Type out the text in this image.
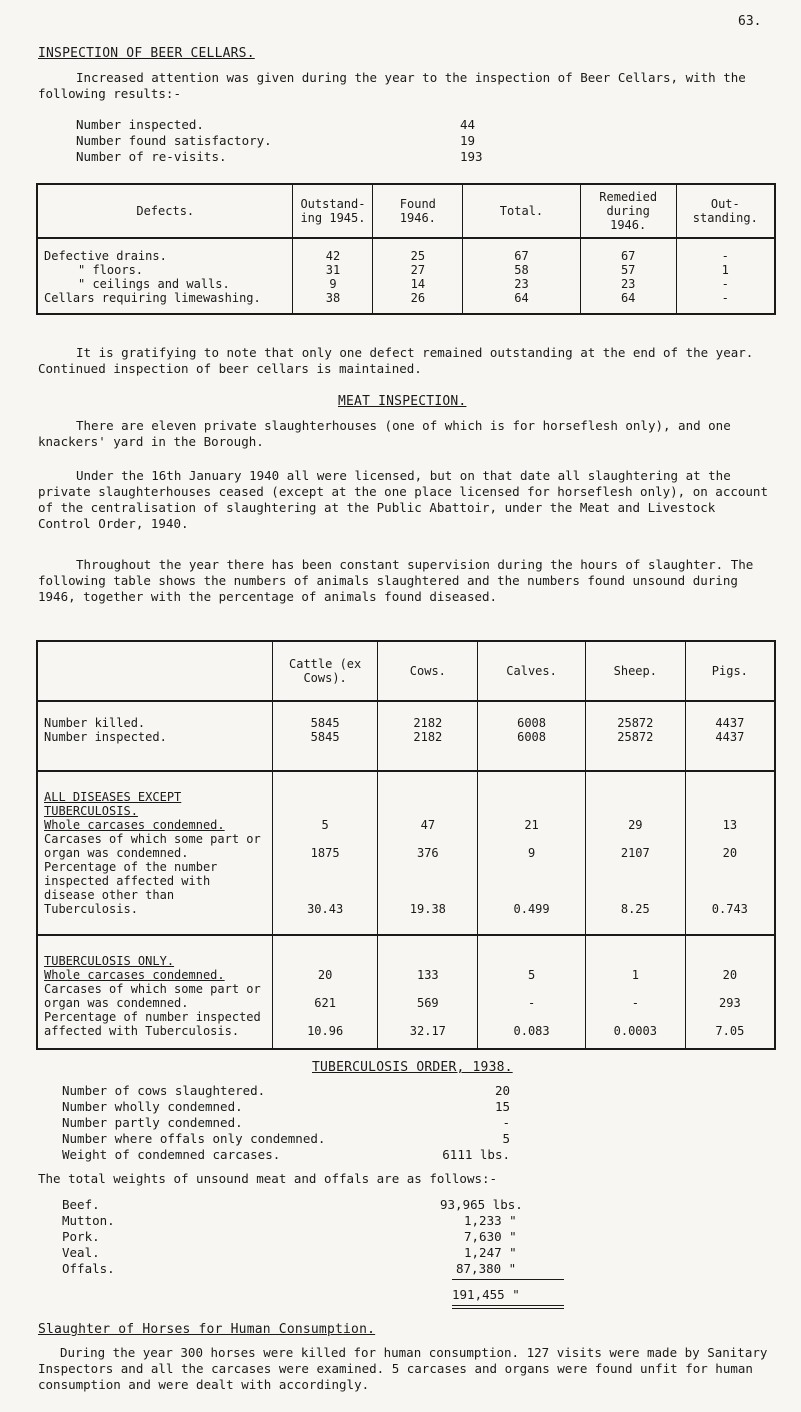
63.
INSPECTION OF BEER CELLARS.
Increased attention was given during the year to the inspection of Beer Cellars, with the following results:-
Number inspected.	44
Number found satisfactory.	19
Number of re-visits.	193
Defects.	Outstand- ing 1945.	Found 1946.	Total.	Remedied during 1946.	Out- standing.
Defective drains.	42	25	67	67	-
" floors.	31	27	58	57	1
" ceilings and walls.	9	14	23	23	-
Cellars requiring limewashing.	38	26	64	64	-
It is gratifying to note that only one defect remained outstanding at the end of the year. Continued inspection of beer cellars is maintained.
MEAT INSPECTION.
There are eleven private slaughterhouses (one of which is for horseflesh only), and one knackers' yard in the Borough.
Under the 16th January 1940 all were licensed, but on that date all slaughtering at the private slaughterhouses ceased (except at the one place licensed for horseflesh only), on account of the centralisation of slaughtering at the Public Abattoir, under the Meat and Livestock Control Order, 1940.
Throughout the year there has been constant supervision during the hours of slaughter. The following table shows the numbers of animals slaughtered and the numbers found unsound during 1946, together with the percentage of animals found diseased.
	Cattle (ex Cows).	Cows.	Calves.	Sheep.	Pigs.
Number killed.	5845	2182	6008	25872	4437
Number inspected.	5845	2182	6008	25872	4437
ALL DISEASES EXCEPT TUBERCULOSIS.					
Whole carcases condemned.	5	47	21	29	13
Carcases of which some part or organ was condemned.	1875	376	9	2107	20
Percentage of the number inspected affected with disease other than Tuberculosis.	30.43	19.38	0.499	8.25	0.743
TUBERCULOSIS ONLY.					
Whole carcases condemned.	20	133	5	1	20
Carcases of which some part or organ was condemned.	621	569	-	-	293
Percentage of number inspected affected with Tuberculosis.	10.96	32.17	0.083	0.0003	7.05
TUBERCULOSIS ORDER, 1938.
Number of cows slaughtered.	20
Number wholly condemned.	15
Number partly condemned.	-
Number where offals only condemned.	5
Weight of condemned carcases.	6111 lbs.
The total weights of unsound meat and offals are as follows:-
Beef.	93,965 lbs.
Mutton.	1,233 "
Pork.	7,630 "
Veal.	1,247 "
Offals.	87,380 "
191,455 "
Slaughter of Horses for Human Consumption.
During the year 300 horses were killed for human consumption. 127 visits were made by Sanitary Inspectors and all the carcases were examined. 5 carcases and organs were found unfit for human consumption and were dealt with accordingly.
